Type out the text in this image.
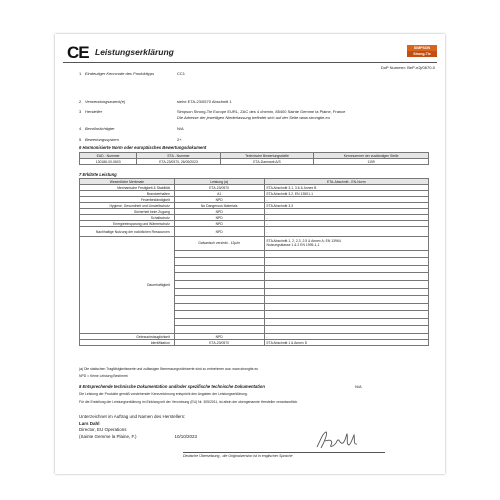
CE Leistungserklärung	SIMPSON
Strong-Tie
DoP Nummer: BeP-e2j/0670-0
1 Eindeutiger Kenncode des Produkttyps	CC1
2 Verwendungszweck(e)	siehe ETA-23/0570 Abschnitt 1
3 Hersteller	Simpson Strong-Tie Europe EURL, ZAC des 4 chemin, 85400 Sainte Gemme la Plaine, France
Die Adresse der jeweiligen Niederlassung befindet sich auf der Seite www.strongtie.eu
4 Bevollmächtigter	N/A
5 Bewertungssystem	2+
6 Harmonisierte Norm oder europäisches Bewertungsdokument
EAD - Nummer	ETA - Nummer	Technische Bewertungsstelle	Kennnummer der zuständigen Stelle
130186-00-0603	ETA-23/0570, 26/09/2023	ETA-Danmark A/S	1199
7 Erklärte Leistung
Wesentliche Merkmale	Leistung (a)	ETA-Abschnitt - EN-Norm
Mechanische Festigkeit & Stabilität	ETA-23/0570	ETA Abschnitt 3.1, 3.6 & Annex B
Brandverhalten	A1	ETA Abschnitt 3.2, EN 13501-1
Feuerbeständigkeit	NPD	-
Hygiene, Gesundheit und Umweltschutz	No Dangerous Materials	ETA Abschnitt 3.3
Sicherheit beim Zugang	NPD	-
Schallschutz	NPD	-
Energieeinsparung und Wärmeschutz	NPD	-
Nachhaltige Nutzung der natürlichen Ressourcen	NPD	-
Dauerhaftigkeit	Galvanisch verzinkt - 12µ/m	ETA Abschnitt 1, 2, 2.3, 2.5 & Annex A; EN 13964
Nutzungsklasse 1 & 2 EN 1995-1-1

Gebrauchstauglichkeit	NPD	-
Identifikation	ETA-23/0570	ETA Abschnitt 1 & Annex D
(a) Die statischen Tragfähigkeitswerte und zulässigen Bemessungsrichtwerte sind zu entnehmen aus: www.strongtie.eu
NPD = Keine Leistung Bestimmt
8 Entsprechende technische Dokumentation und/oder spezifische technische Dokumentation	N/A
Die Leistung der Produkte gemäß vorstehender Kennzeichnung entspricht den Angaben der Leistungserklärung.
Für die Erstellung der Leistungserklärung im Einklang mit der Verordnung (EU) Nr. 305/2011, ist allein der obengenannte Hersteller verantwortlich.
Unterzeichnet im Auftrag und Namen des Herstellers:
Lars Dahl
Director, EU Operations
(Sainte Gemme la Plaine, F.)	10/10/2023
Deutsche Übersetzung , die Originalversion ist in englischer Sprache
